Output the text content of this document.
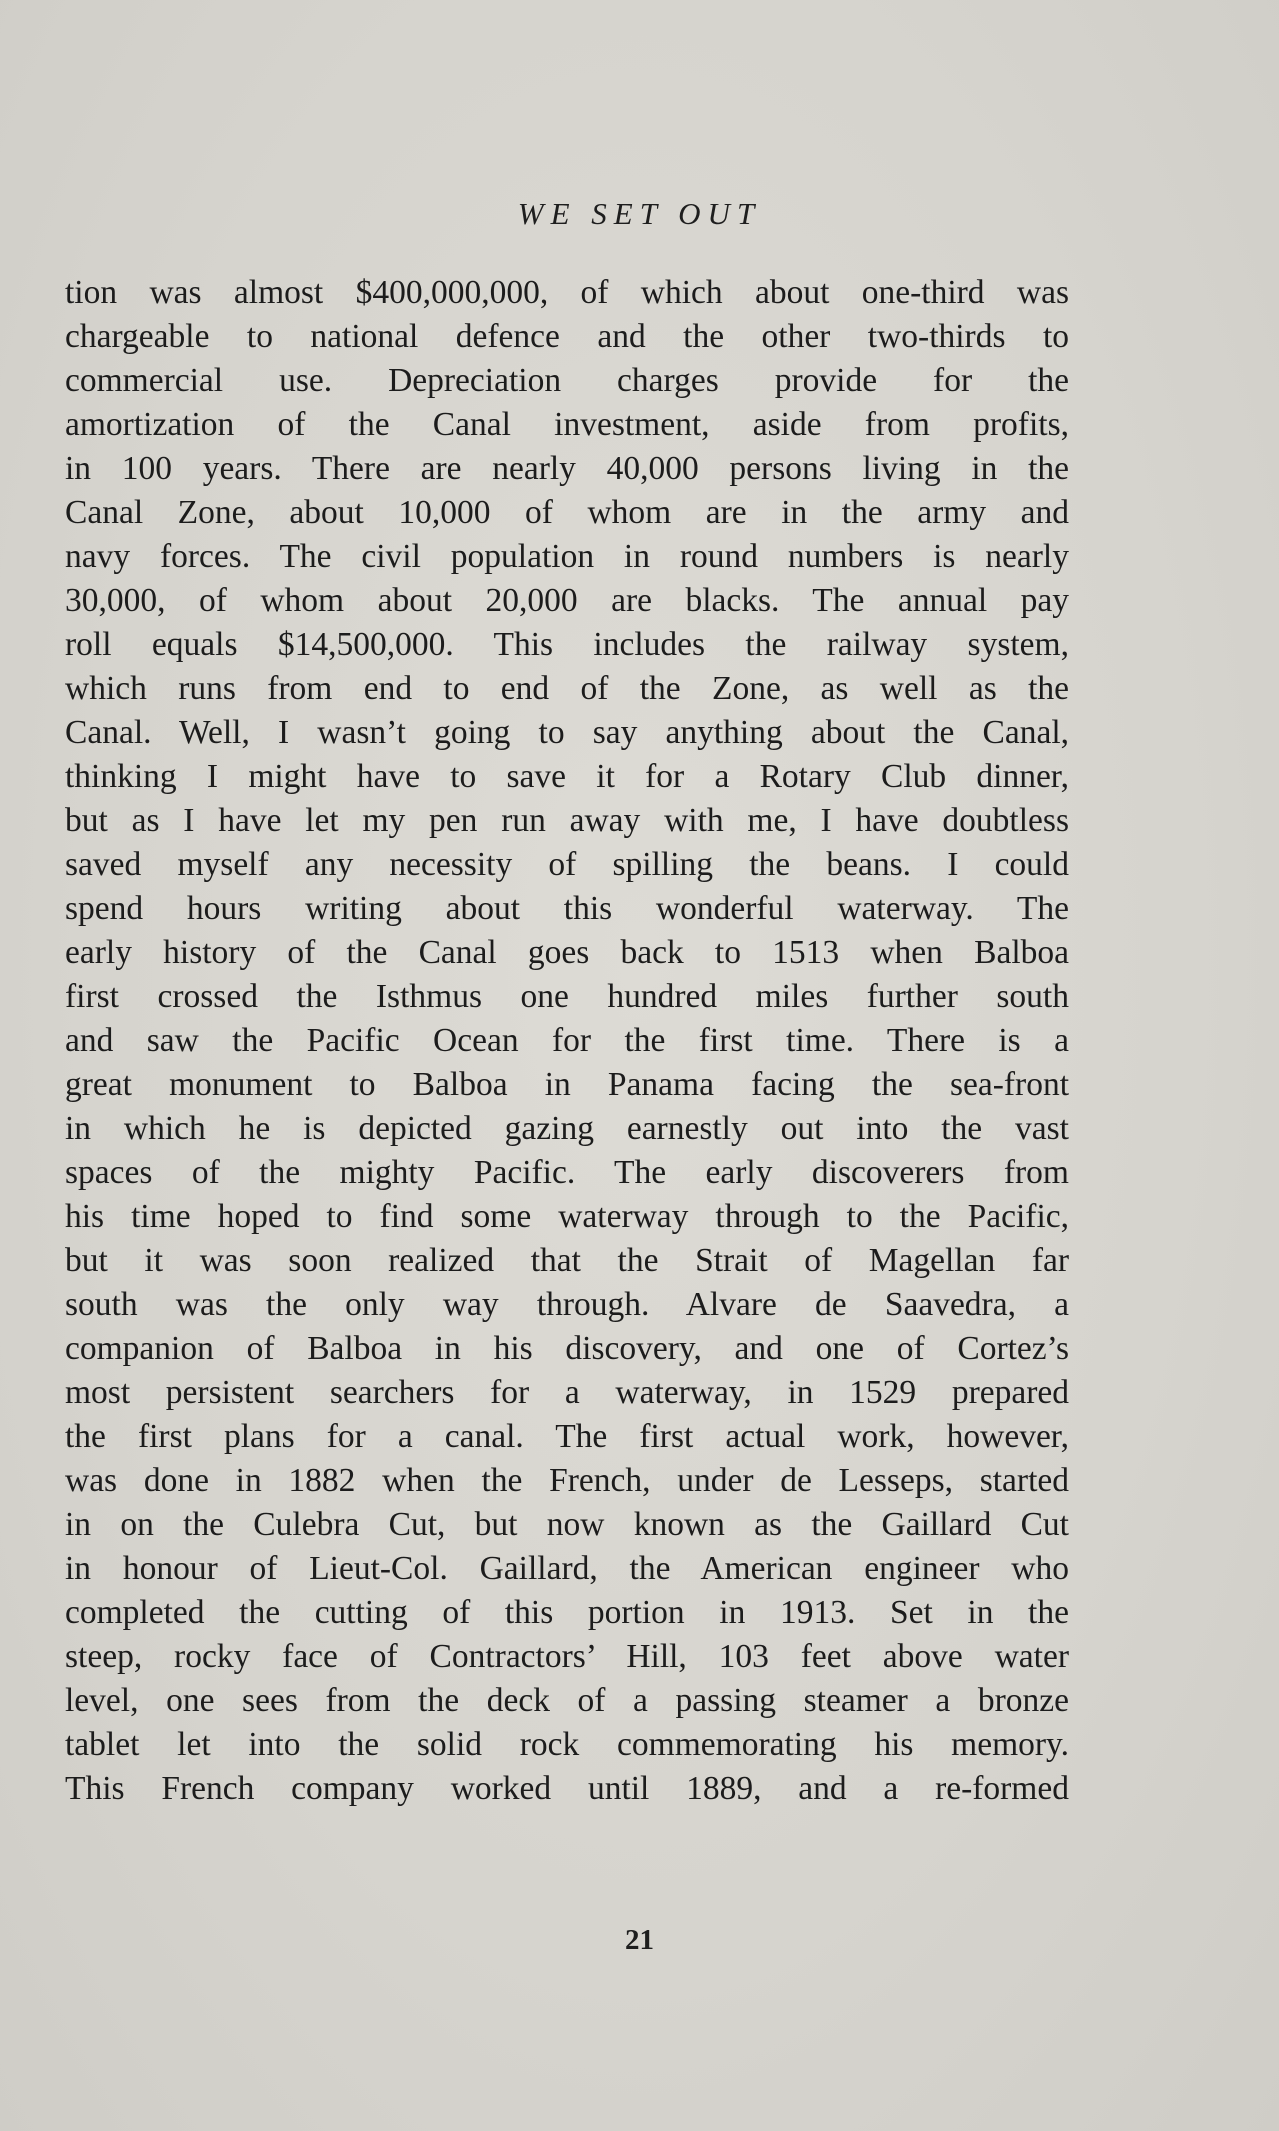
WE SET OUT
tion was almost $400,000,000, of which about one-third was
chargeable to national defence and the other two-thirds to
commercial use. Depreciation charges provide for the
amortization of the Canal investment, aside from profits,
in 100 years. There are nearly 40,000 persons living in the
Canal Zone, about 10,000 of whom are in the army and
navy forces. The civil population in round numbers is nearly
30,000, of whom about 20,000 are blacks. The annual pay
roll equals $14,500,000. This includes the railway system,
which runs from end to end of the Zone, as well as the
Canal. Well, I wasn’t going to say anything about the Canal,
thinking I might have to save it for a Rotary Club dinner,
but as I have let my pen run away with me, I have doubtless
saved myself any necessity of spilling the beans. I could
spend hours writing about this wonderful waterway. The
early history of the Canal goes back to 1513 when Balboa
first crossed the Isthmus one hundred miles further south
and saw the Pacific Ocean for the first time. There is a
great monument to Balboa in Panama facing the sea-front
in which he is depicted gazing earnestly out into the vast
spaces of the mighty Pacific. The early discoverers from
his time hoped to find some waterway through to the Pacific,
but it was soon realized that the Strait of Magellan far
south was the only way through. Alvare de Saavedra, a
companion of Balboa in his discovery, and one of Cortez’s
most persistent searchers for a waterway, in 1529 prepared
the first plans for a canal. The first actual work, however,
was done in 1882 when the French, under de Lesseps, started
in on the Culebra Cut, but now known as the Gaillard Cut
in honour of Lieut-Col. Gaillard, the American engineer who
completed the cutting of this portion in 1913. Set in the
steep, rocky face of Contractors’ Hill, 103 feet above water
level, one sees from the deck of a passing steamer a bronze
tablet let into the solid rock commemorating his memory.
This French company worked until 1889, and a re-formed
21
